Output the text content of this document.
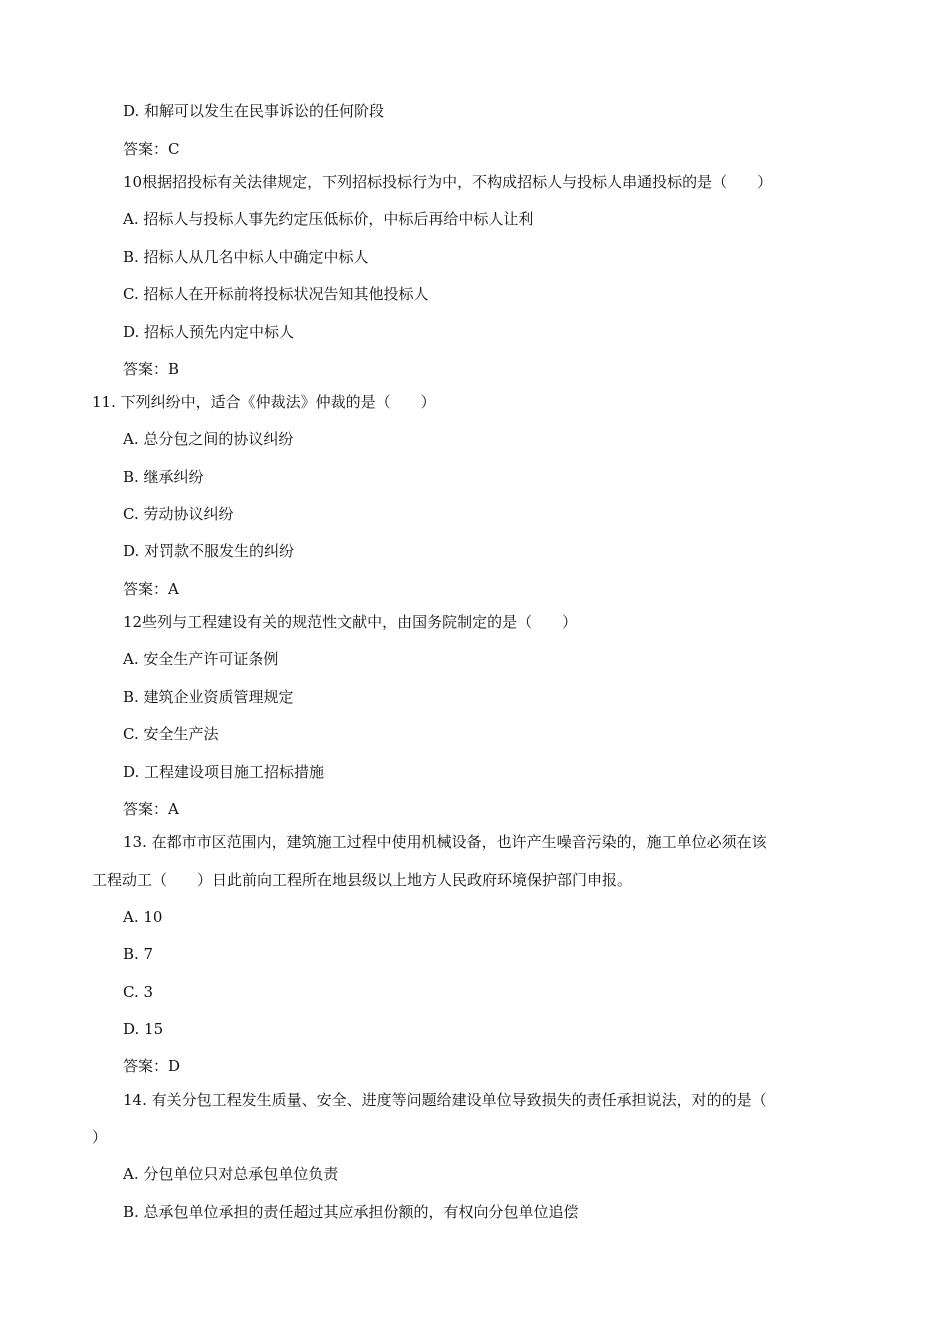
D. 和解可以发生在民事诉讼的任何阶段
答案：C
10根据招投标有关法律规定，下列招标投标行为中，不构成招标人与投标人串通投标的是（　　）
A. 招标人与投标人事先约定压低标价，中标后再给中标人让利
B. 招标人从几名中标人中确定中标人
C. 招标人在开标前将投标状况告知其他投标人
D. 招标人预先内定中标人
答案：B
11. 下列纠纷中，适合《仲裁法》仲裁的是（　　）
A. 总分包之间的协议纠纷
B. 继承纠纷
C. 劳动协议纠纷
D. 对罚款不服发生的纠纷
答案：A
12些列与工程建设有关的规范性文献中，由国务院制定的是（　　）
A. 安全生产许可证条例
B. 建筑企业资质管理规定
C. 安全生产法
D. 工程建设项目施工招标措施
答案：A
13. 在都市市区范围内，建筑施工过程中使用机械设备，也许产生噪音污染的，施工单位必须在该
工程动工（　　）日此前向工程所在地县级以上地方人民政府环境保护部门申报。
A. 10
B. 7
C. 3
D. 15
答案：D
14. 有关分包工程发生质量、安全、进度等问题给建设单位导致损失的责任承担说法，对的的是（
）
A. 分包单位只对总承包单位负责
B. 总承包单位承担的责任超过其应承担份额的，有权向分包单位追偿
